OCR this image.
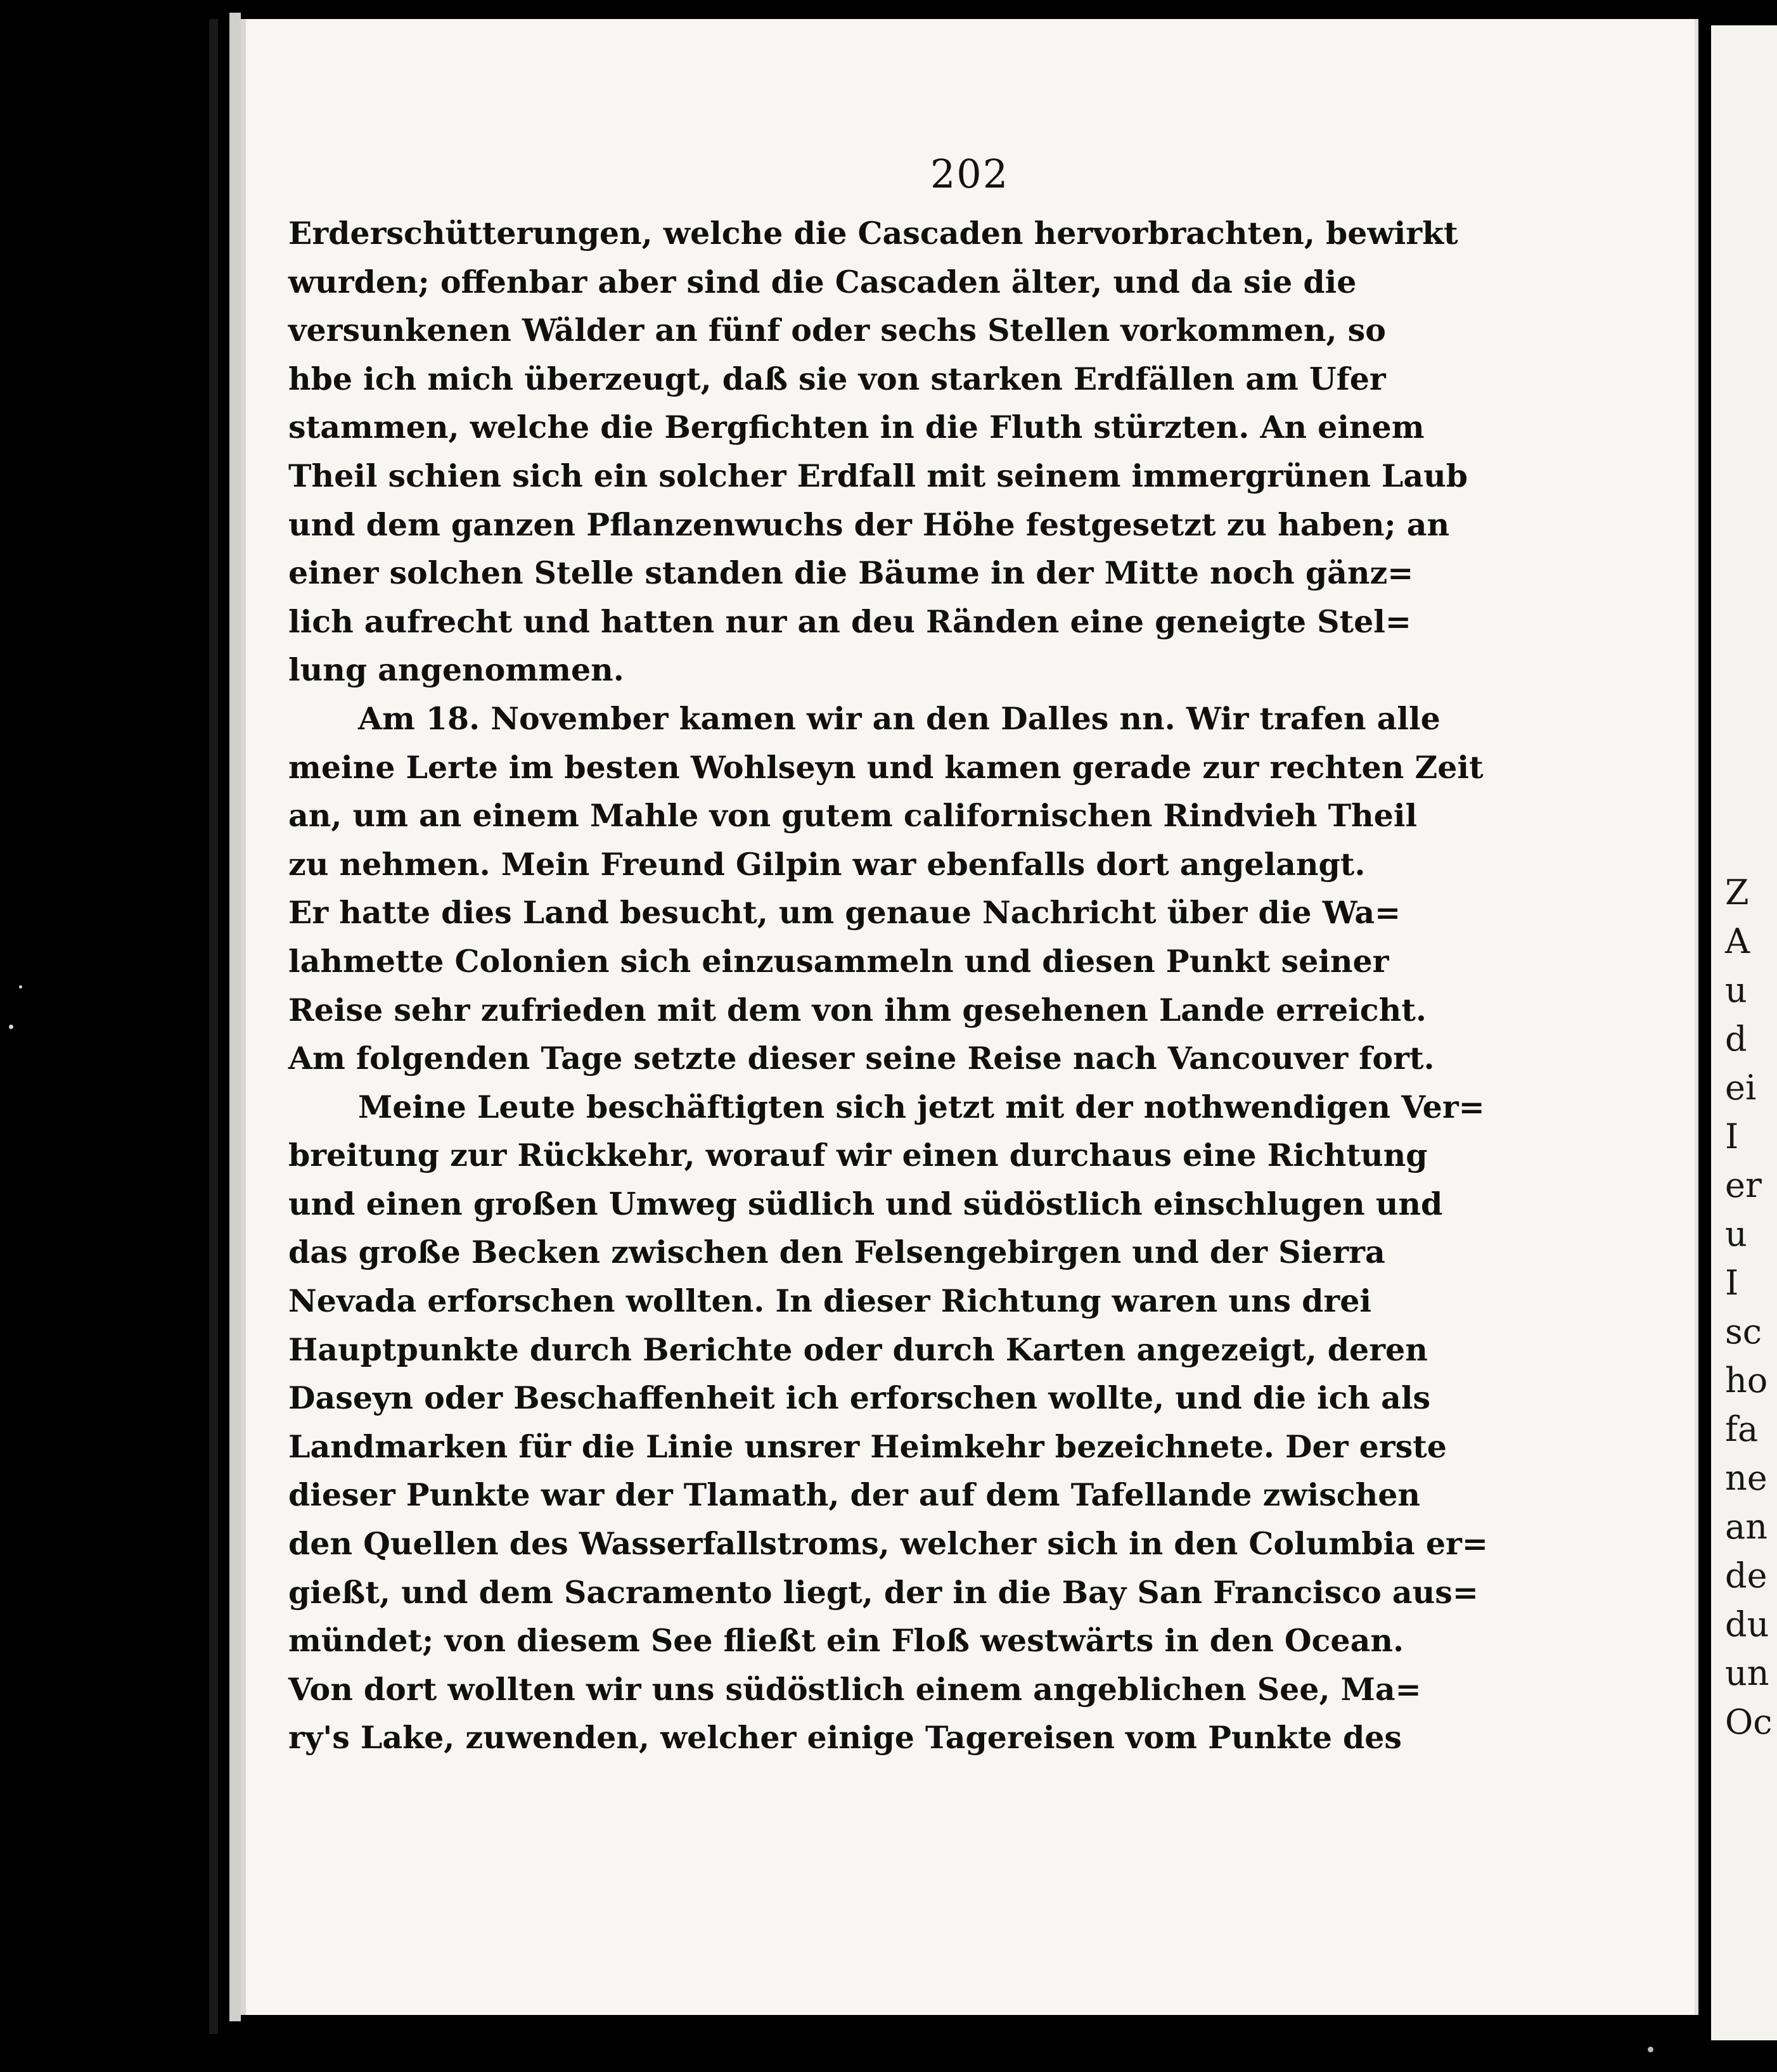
202
Erderschütterungen, welche die Cascaden hervorbrachten, bewirkt
wurden; offenbar aber sind die Cascaden älter, und da sie die
versunkenen Wälder an fünf oder sechs Stellen vorkommen, so
hbe ich mich überzeugt, daß sie von starken Erdfällen am Ufer
stammen, welche die Bergfichten in die Fluth stürzten. An einem
Theil schien sich ein solcher Erdfall mit seinem immergrünen Laub
und dem ganzen Pflanzenwuchs der Höhe festgesetzt zu haben; an
einer solchen Stelle standen die Bäume in der Mitte noch gänz=
lich aufrecht und hatten nur an deu Ränden eine geneigte Stel=
lung angenommen.
Am 18. November kamen wir an den Dalles nn. Wir trafen alle
meine Lerte im besten Wohlseyn und kamen gerade zur rechten Zeit
an, um an einem Mahle von gutem californischen Rindvieh Theil
zu nehmen. Mein Freund Gilpin war ebenfalls dort angelangt.
Er hatte dies Land besucht, um genaue Nachricht über die Wa=
lahmette Colonien sich einzusammeln und diesen Punkt seiner
Reise sehr zufrieden mit dem von ihm gesehenen Lande erreicht.
Am folgenden Tage setzte dieser seine Reise nach Vancouver fort.
Meine Leute beschäftigten sich jetzt mit der nothwendigen Ver=
breitung zur Rückkehr, worauf wir einen durchaus eine Richtung
und einen großen Umweg südlich und südöstlich einschlugen und
das große Becken zwischen den Felsengebirgen und der Sierra
Nevada erforschen wollten. In dieser Richtung waren uns drei
Hauptpunkte durch Berichte oder durch Karten angezeigt, deren
Daseyn oder Beschaffenheit ich erforschen wollte, und die ich als
Landmarken für die Linie unsrer Heimkehr bezeichnete. Der erste
dieser Punkte war der Tlamath, der auf dem Tafellande zwischen
den Quellen des Wasserfallstroms, welcher sich in den Columbia er=
gießt, und dem Sacramento liegt, der in die Bay San Francisco aus=
mündet; von diesem See fließt ein Floß westwärts in den Ocean.
Von dort wollten wir uns südöstlich einem angeblichen See, Ma=
ry's Lake, zuwenden, welcher einige Tagereisen vom Punkte des
Z
A
u
d
ei
I
er
u
I
sc
ho
fa
ne
an
de
du
un
Oc
